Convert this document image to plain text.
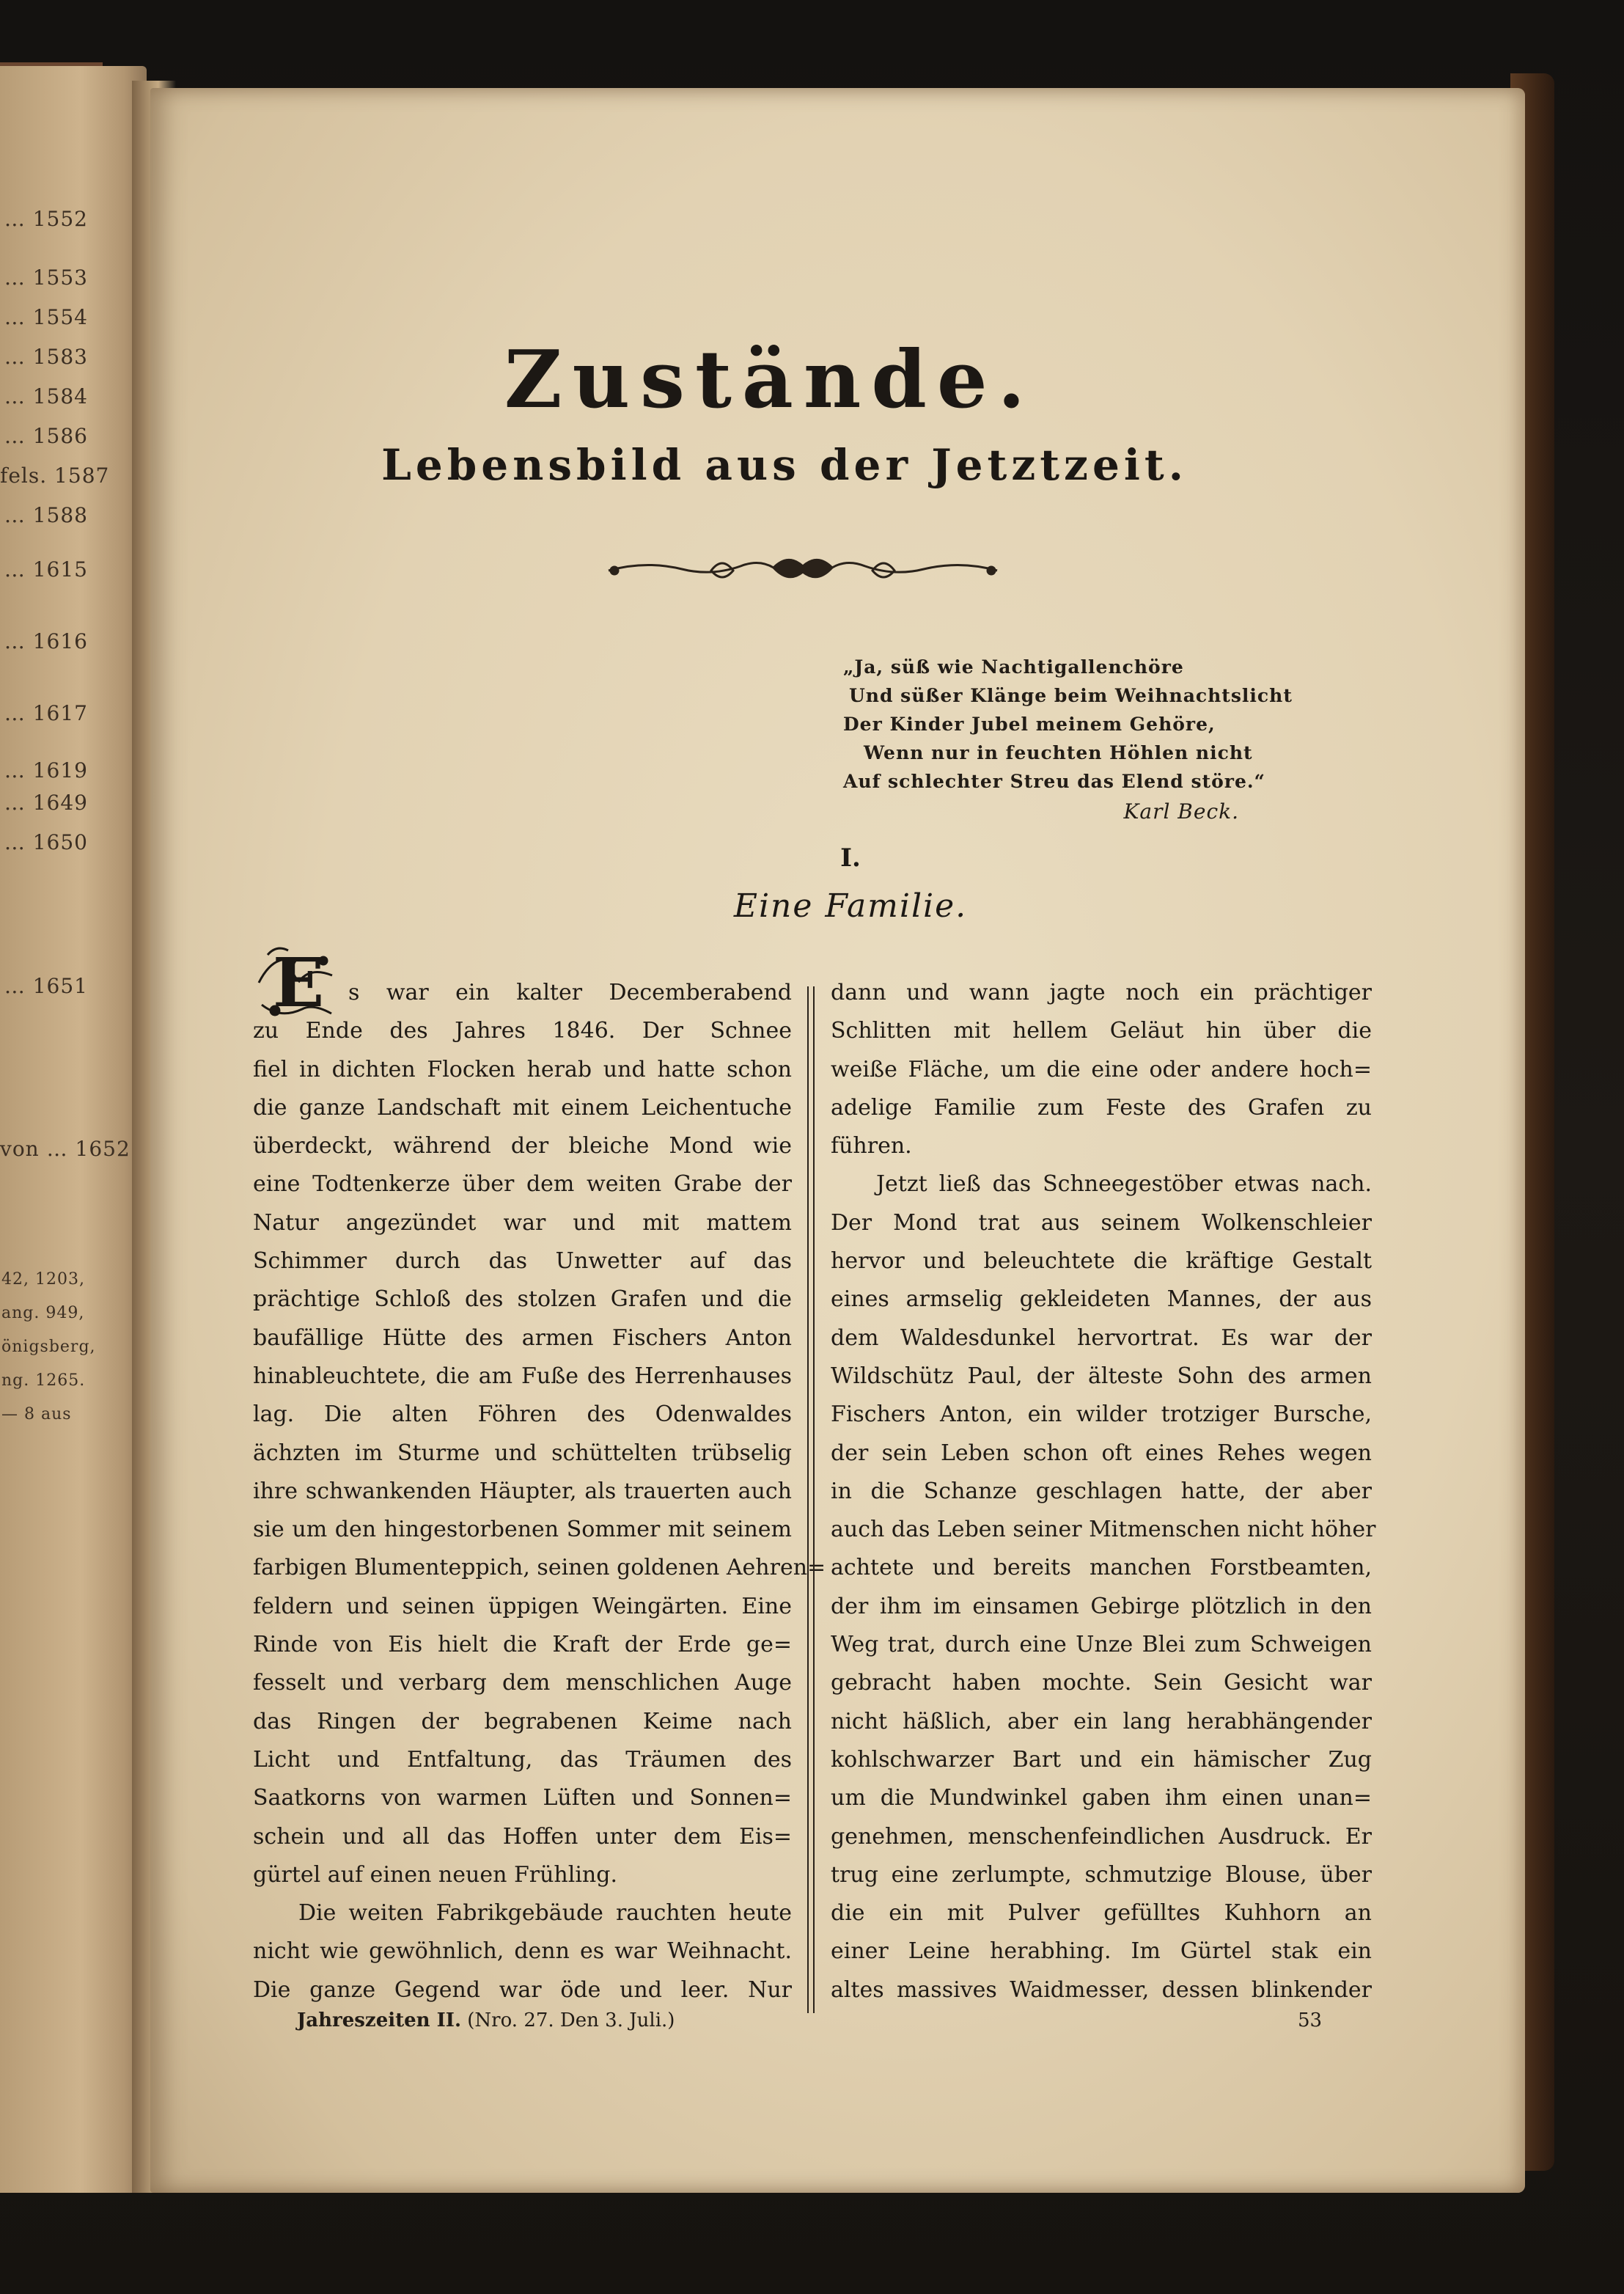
… 1552
… 1553
… 1554
… 1583
… 1584
… 1586
fels. 1587
… 1588
… 1615
… 1616
… 1617
… 1619
… 1649
… 1650
… 1651
von … 1652
42, 1203,
ang. 949,
önigsberg,
ng. 1265.
— 8 aus
Zustände.
Lebensbild aus der Jetztzeit.
„Ja, süß wie Nachtigallenchöre
Und süßer Klänge beim Weihnachtslicht
Der Kinder Jubel meinem Gehöre,
Wenn nur in feuchten Höhlen nicht
Auf schlechter Streu das Elend störe.“
Karl Beck.
I.
Eine Familie.
E	s war ein kalter Decemberabend
zu Ende des Jahres 1846. Der Schnee
fiel in dichten Flocken herab und hatte schon
die ganze Landschaft mit einem Leichentuche
überdeckt, während der bleiche Mond wie
eine Todtenkerze über dem weiten Grabe der
Natur angezündet war und mit mattem
Schimmer durch das Unwetter auf das
prächtige Schloß des stolzen Grafen und die
baufällige Hütte des armen Fischers Anton
hinableuchtete, die am Fuße des Herrenhauses
lag. Die alten Föhren des Odenwaldes
ächzten im Sturme und schüttelten trübselig
ihre schwankenden Häupter, als trauerten auch
sie um den hingestorbenen Sommer mit seinem
farbigen Blumenteppich, seinen goldenen Aehren=
feldern und seinen üppigen Weingärten. Eine
Rinde von Eis hielt die Kraft der Erde ge=
fesselt und verbarg dem menschlichen Auge
das Ringen der begrabenen Keime nach
Licht und Entfaltung, das Träumen des
Saatkorns von warmen Lüften und Sonnen=
schein und all das Hoffen unter dem Eis=
gürtel auf einen neuen Frühling.
Die weiten Fabrikgebäude rauchten heute
nicht wie gewöhnlich, denn es war Weihnacht.
Die ganze Gegend war öde und leer. Nur
dann und wann jagte noch ein prächtiger
Schlitten mit hellem Geläut hin über die
weiße Fläche, um die eine oder andere hoch=
adelige Familie zum Feste des Grafen zu
führen.
Jetzt ließ das Schneegestöber etwas nach.
Der Mond trat aus seinem Wolkenschleier
hervor und beleuchtete die kräftige Gestalt
eines armselig gekleideten Mannes, der aus
dem Waldesdunkel hervortrat. Es war der
Wildschütz Paul, der älteste Sohn des armen
Fischers Anton, ein wilder trotziger Bursche,
der sein Leben schon oft eines Rehes wegen
in die Schanze geschlagen hatte, der aber
auch das Leben seiner Mitmenschen nicht höher
achtete und bereits manchen Forstbeamten,
der ihm im einsamen Gebirge plötzlich in den
Weg trat, durch eine Unze Blei zum Schweigen
gebracht haben mochte. Sein Gesicht war
nicht häßlich, aber ein lang herabhängender
kohlschwarzer Bart und ein hämischer Zug
um die Mundwinkel gaben ihm einen unan=
genehmen, menschenfeindlichen Ausdruck. Er
trug eine zerlumpte, schmutzige Blouse, über
die ein mit Pulver gefülltes Kuhhorn an
einer Leine herabhing. Im Gürtel stak ein
altes massives Waidmesser, dessen blinkender
Jahreszeiten II. (Nro. 27. Den 3. Juli.)	53
